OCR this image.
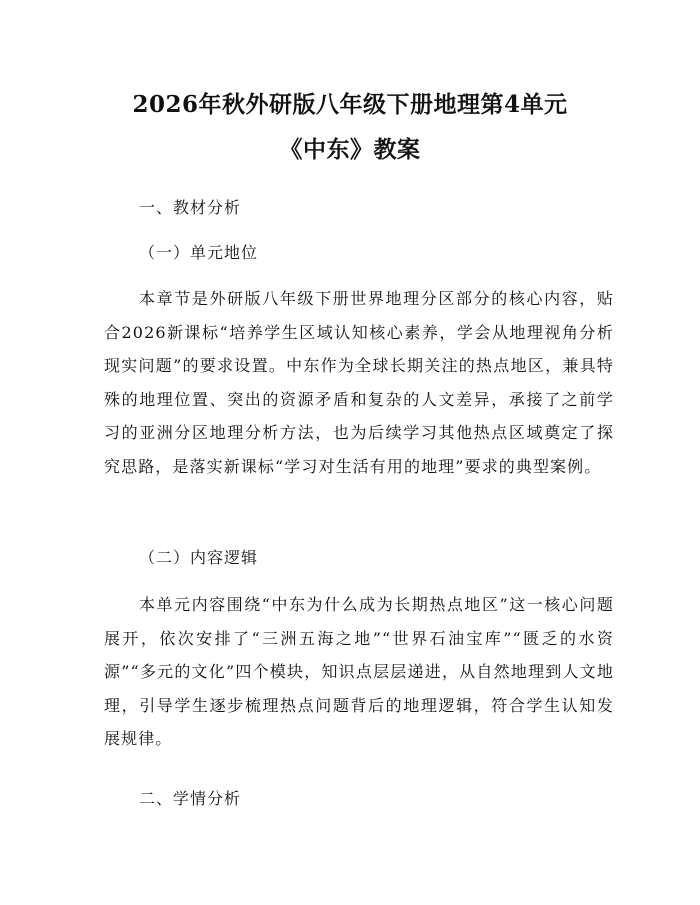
2026年秋外研版八年级下册地理第4单元
《中东》教案
一、教材分析
（一）单元地位
本章节是外研版八年级下册世界地理分区部分的核心内容，贴合2026新课标“培养学生区域认知核心素养，学会从地理视角分析现实问题”的要求设置。中东作为全球长期关注的热点地区，兼具特殊的地理位置、突出的资源矛盾和复杂的人文差异，承接了之前学习的亚洲分区地理分析方法，也为后续学习其他热点区域奠定了探究思路，是落实新课标“学习对生活有用的地理”要求的典型案例。
（二）内容逻辑
本单元内容围绕“中东为什么成为长期热点地区”这一核心问题展开，依次安排了“三洲五海之地”“世界石油宝库”“匮乏的水资源”“多元的文化”四个模块，知识点层层递进，从自然地理到人文地理，引导学生逐步梳理热点问题背后的地理逻辑，符合学生认知发展规律。
二、学情分析
